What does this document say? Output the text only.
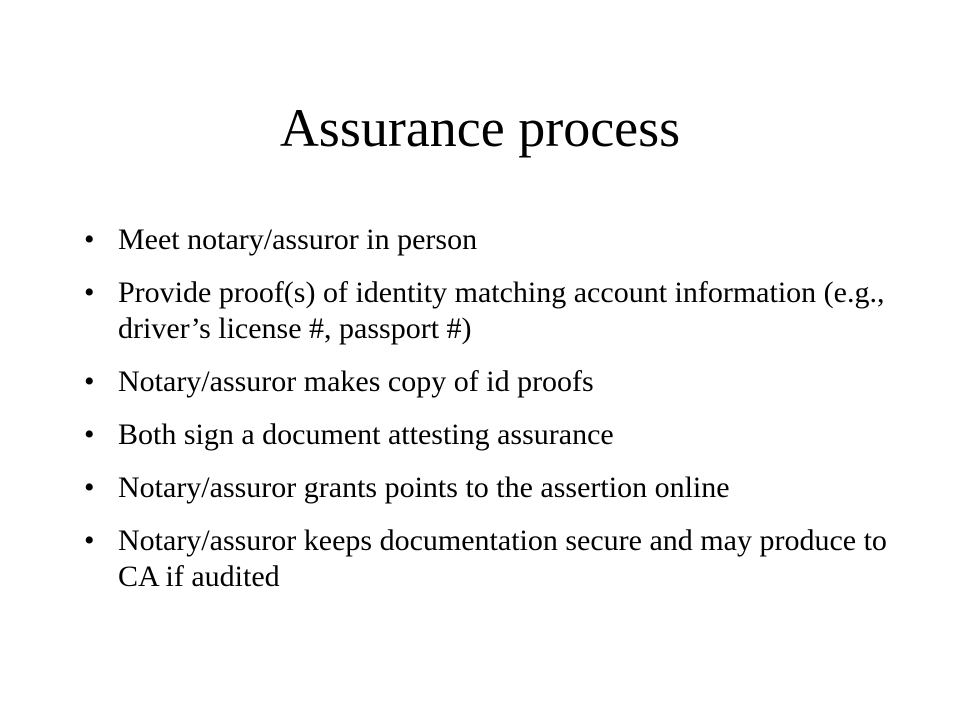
Assurance process
• Meet notary/assuror in person
• Provide proof(s) of identity matching account information (e.g., driver’s license #, passport #)
• Notary/assuror makes copy of id proofs
• Both sign a document attesting assurance
• Notary/assuror grants points to the assertion online
• Notary/assuror keeps documentation secure and may produce to CA if audited
